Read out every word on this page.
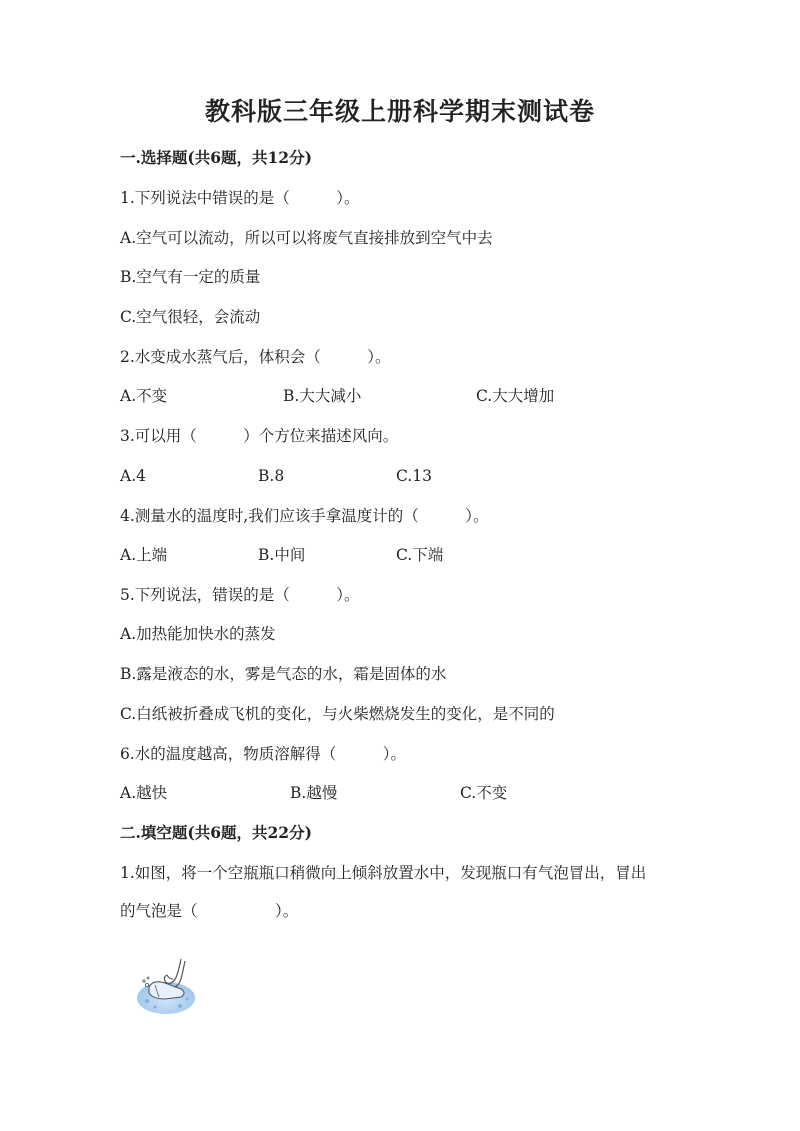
教科版三年级上册科学期末测试卷
一.选择题(共6题，共12分)
1.下列说法中错误的是（　　　）。
A.空气可以流动，所以可以将废气直接排放到空气中去
B.空气有一定的质量
C.空气很轻，会流动
2.水变成水蒸气后，体积会（　　　）。
A.不变	B.大大减小	C.大大增加
3.可以用（　　　）个方位来描述风向。
A.4	B.8	C.13
4.测量水的温度时,我们应该手拿温度计的（　　　）。
A.上端	B.中间	C.下端
5.下列说法，错误的是（　　　）。
A.加热能加快水的蒸发
B.露是液态的水，雾是气态的水，霜是固体的水
C.白纸被折叠成飞机的变化，与火柴燃烧发生的变化，是不同的
6.水的温度越高，物质溶解得（　　　）。
A.越快	B.越慢	C.不变
二.填空题(共6题，共22分)
1.如图，将一个空瓶瓶口稍微向上倾斜放置水中，发现瓶口有气泡冒出，冒出
的气泡是（　　　　　）。
